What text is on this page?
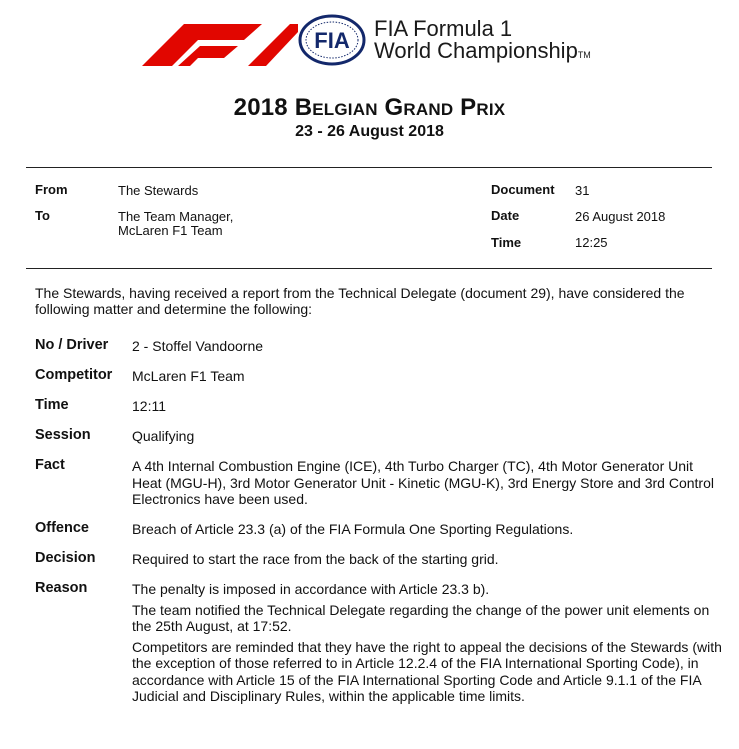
FIA FIA Formula 1
World ChampionshipTM
2018 Belgian Grand Prix
23 - 26 August 2018
From	The Stewards
To	The Team Manager,
McLaren F1 Team
Document 31
Date	26 August 2018
Time	12:25
The Stewards, having received a report from the Technical Delegate (document 29), have considered the following matter and determine the following:
No / Driver 2 - Stoffel Vandoorne
Competitor McLaren F1 Team
Time	12:11
Session	Qualifying
Fact	A 4th Internal Combustion Engine (ICE), 4th Turbo Charger (TC), 4th Motor Generator Unit Heat (MGU-H), 3rd Motor Generator Unit - Kinetic (MGU-K), 3rd Energy Store and 3rd Control Electronics have been used.
Offence	Breach of Article 23.3 (a) of the FIA Formula One Sporting Regulations.
Decision	Required to start the race from the back of the starting grid.
Reason	The penalty is imposed in accordance with Article 23.3 b).

The team notified the Technical Delegate regarding the change of the power unit elements on the 25th August, at 17:52.

Competitors are reminded that they have the right to appeal the decisions of the Stewards (with the exception of those referred to in Article 12.2.4 of the FIA International Sporting Code), in accordance with Article 15 of the FIA International Sporting Code and Article 9.1.1 of the FIA Judicial and Disciplinary Rules, within the applicable time limits.
